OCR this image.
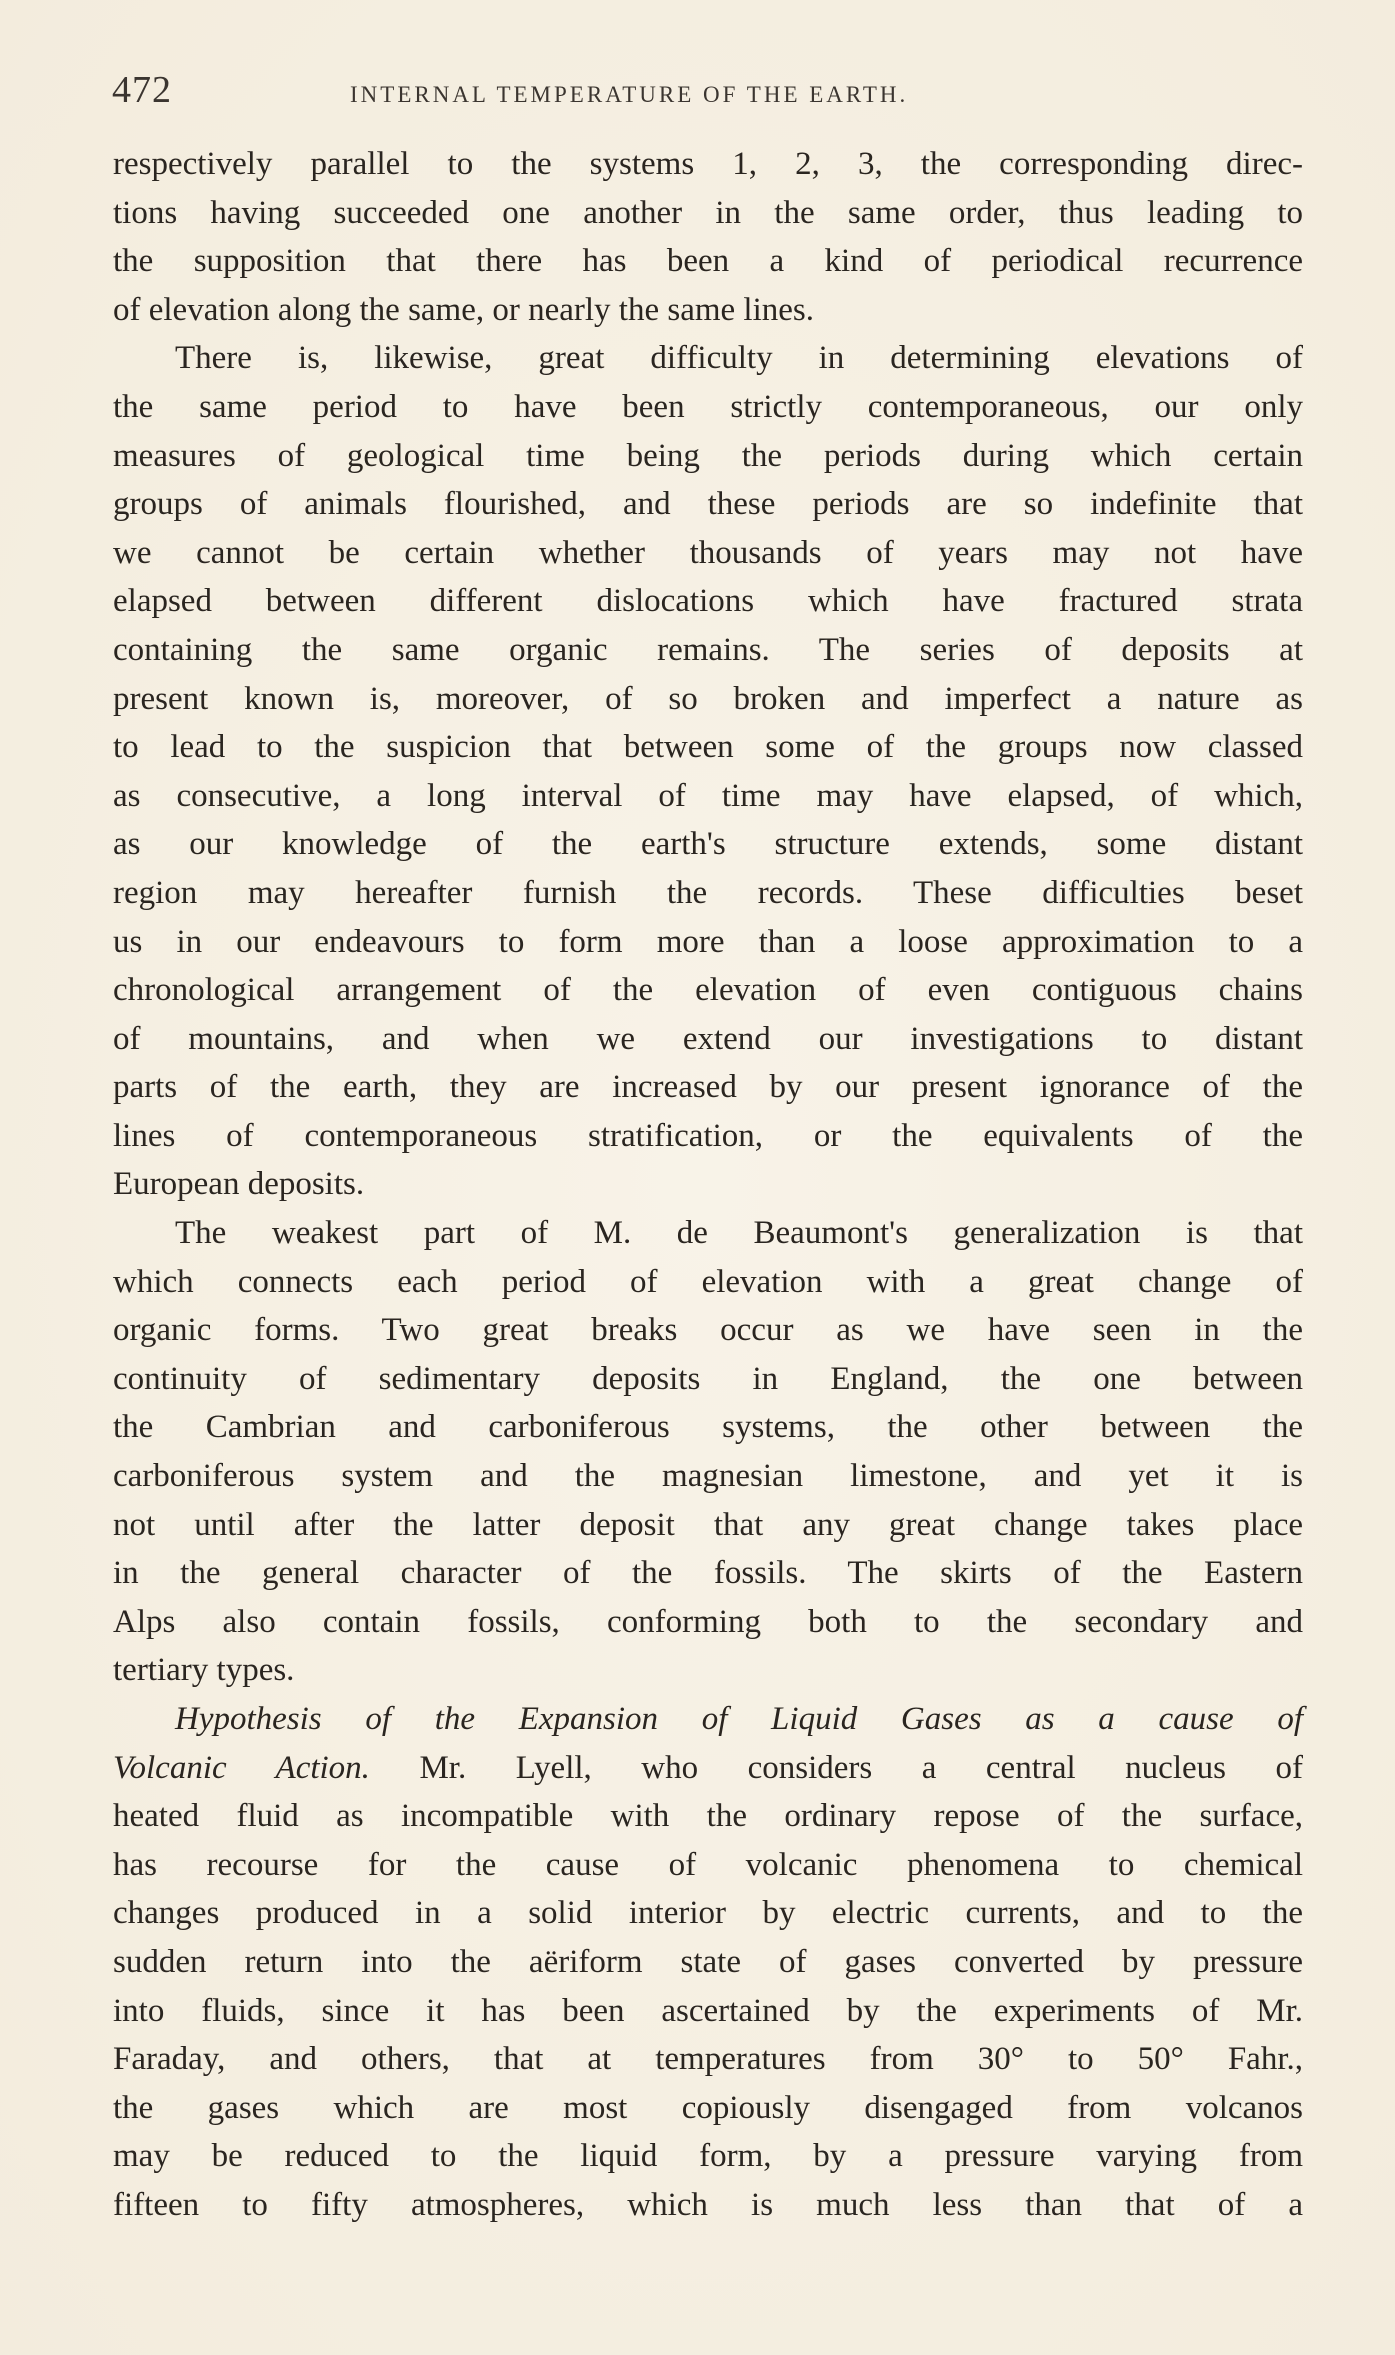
472	INTERNAL TEMPERATURE OF THE EARTH.
respectively parallel to the systems 1, 2, 3, the corresponding direc-
tions having succeeded one another in the same order, thus leading to
the supposition that there has been a kind of periodical recurrence
of elevation along the same, or nearly the same lines.
There is, likewise, great difficulty in determining elevations of
the same period to have been strictly contemporaneous, our only
measures of geological time being the periods during which certain
groups of animals flourished, and these periods are so indefinite that
we cannot be certain whether thousands of years may not have
elapsed between different dislocations which have fractured strata
containing the same organic remains. The series of deposits at
present known is, moreover, of so broken and imperfect a nature as
to lead to the suspicion that between some of the groups now classed
as consecutive, a long interval of time may have elapsed, of which,
as our knowledge of the earth's structure extends, some distant
region may hereafter furnish the records. These difficulties beset
us in our endeavours to form more than a loose approximation to a
chronological arrangement of the elevation of even contiguous chains
of mountains, and when we extend our investigations to distant
parts of the earth, they are increased by our present ignorance of the
lines of contemporaneous stratification, or the equivalents of the
European deposits.
The weakest part of M. de Beaumont's generalization is that
which connects each period of elevation with a great change of
organic forms. Two great breaks occur as we have seen in the
continuity of sedimentary deposits in England, the one between
the Cambrian and carboniferous systems, the other between the
carboniferous system and the magnesian limestone, and yet it is
not until after the latter deposit that any great change takes place
in the general character of the fossils. The skirts of the Eastern
Alps also contain fossils, conforming both to the secondary and
tertiary types.
Hypothesis of the Expansion of Liquid Gases as a cause of
Volcanic Action. Mr. Lyell, who considers a central nucleus of
heated fluid as incompatible with the ordinary repose of the surface,
has recourse for the cause of volcanic phenomena to chemical
changes produced in a solid interior by electric currents, and to the
sudden return into the aëriform state of gases converted by pressure
into fluids, since it has been ascertained by the experiments of Mr.
Faraday, and others, that at temperatures from 30° to 50° Fahr.,
the gases which are most copiously disengaged from volcanos
may be reduced to the liquid form, by a pressure varying from
fifteen to fifty atmospheres, which is much less than that of a
